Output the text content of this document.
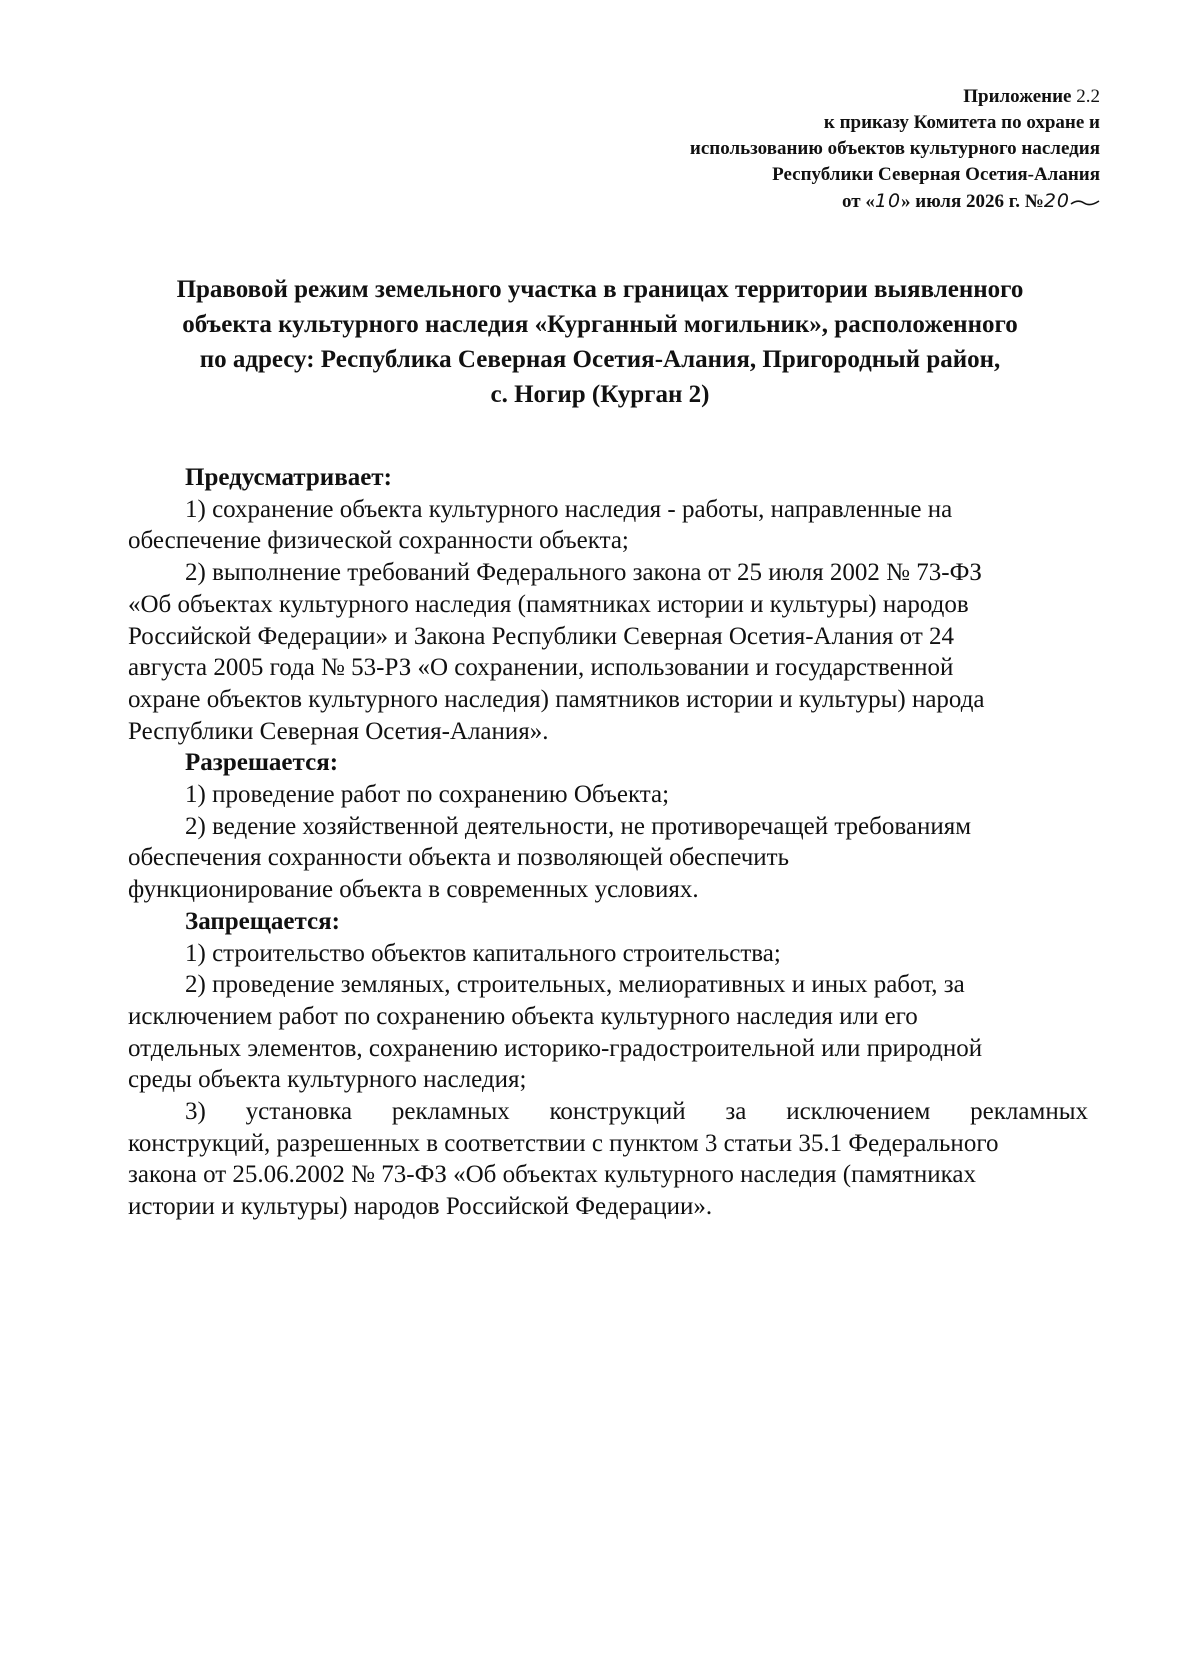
Приложение 2.2
к приказу Комитета по охране и
использованию объектов культурного наследия
Республики Северная Осетия-Алания
от «10» июля 2026 г. №20
Правовой режим земельного участка в границах территории выявленного
объекта культурного наследия «Курганный могильник», расположенного
по адресу: Республика Северная Осетия-Алания, Пригородный район,
с. Ногир (Курган 2)
Предусматривает:
1) сохранение объекта культурного наследия - работы, направленные на
обеспечение физической сохранности объекта;
2) выполнение требований Федерального закона от 25 июля 2002 № 73-ФЗ
«Об объектах культурного наследия (памятниках истории и культуры) народов
Российской Федерации» и Закона Республики Северная Осетия-Алания от 24
августа 2005 года № 53-РЗ «О сохранении, использовании и государственной
охране объектов культурного наследия) памятников истории и культуры) народа
Республики Северная Осетия-Алания».
Разрешается:
1) проведение работ по сохранению Объекта;
2) ведение хозяйственной деятельности, не противоречащей требованиям
обеспечения сохранности объекта и позволяющей обеспечить
функционирование объекта в современных условиях.
Запрещается:
1) строительство объектов капитального строительства;
2) проведение земляных, строительных, мелиоративных и иных работ, за
исключением работ по сохранению объекта культурного наследия или его
отдельных элементов, сохранению историко-градостроительной или природной
среды объекта культурного наследия;
3) установка рекламных конструкций за исключением рекламных
конструкций, разрешенных в соответствии с пунктом 3 статьи 35.1 Федерального
закона от 25.06.2002 № 73-ФЗ «Об объектах культурного наследия (памятниках
истории и культуры) народов Российской Федерации».
